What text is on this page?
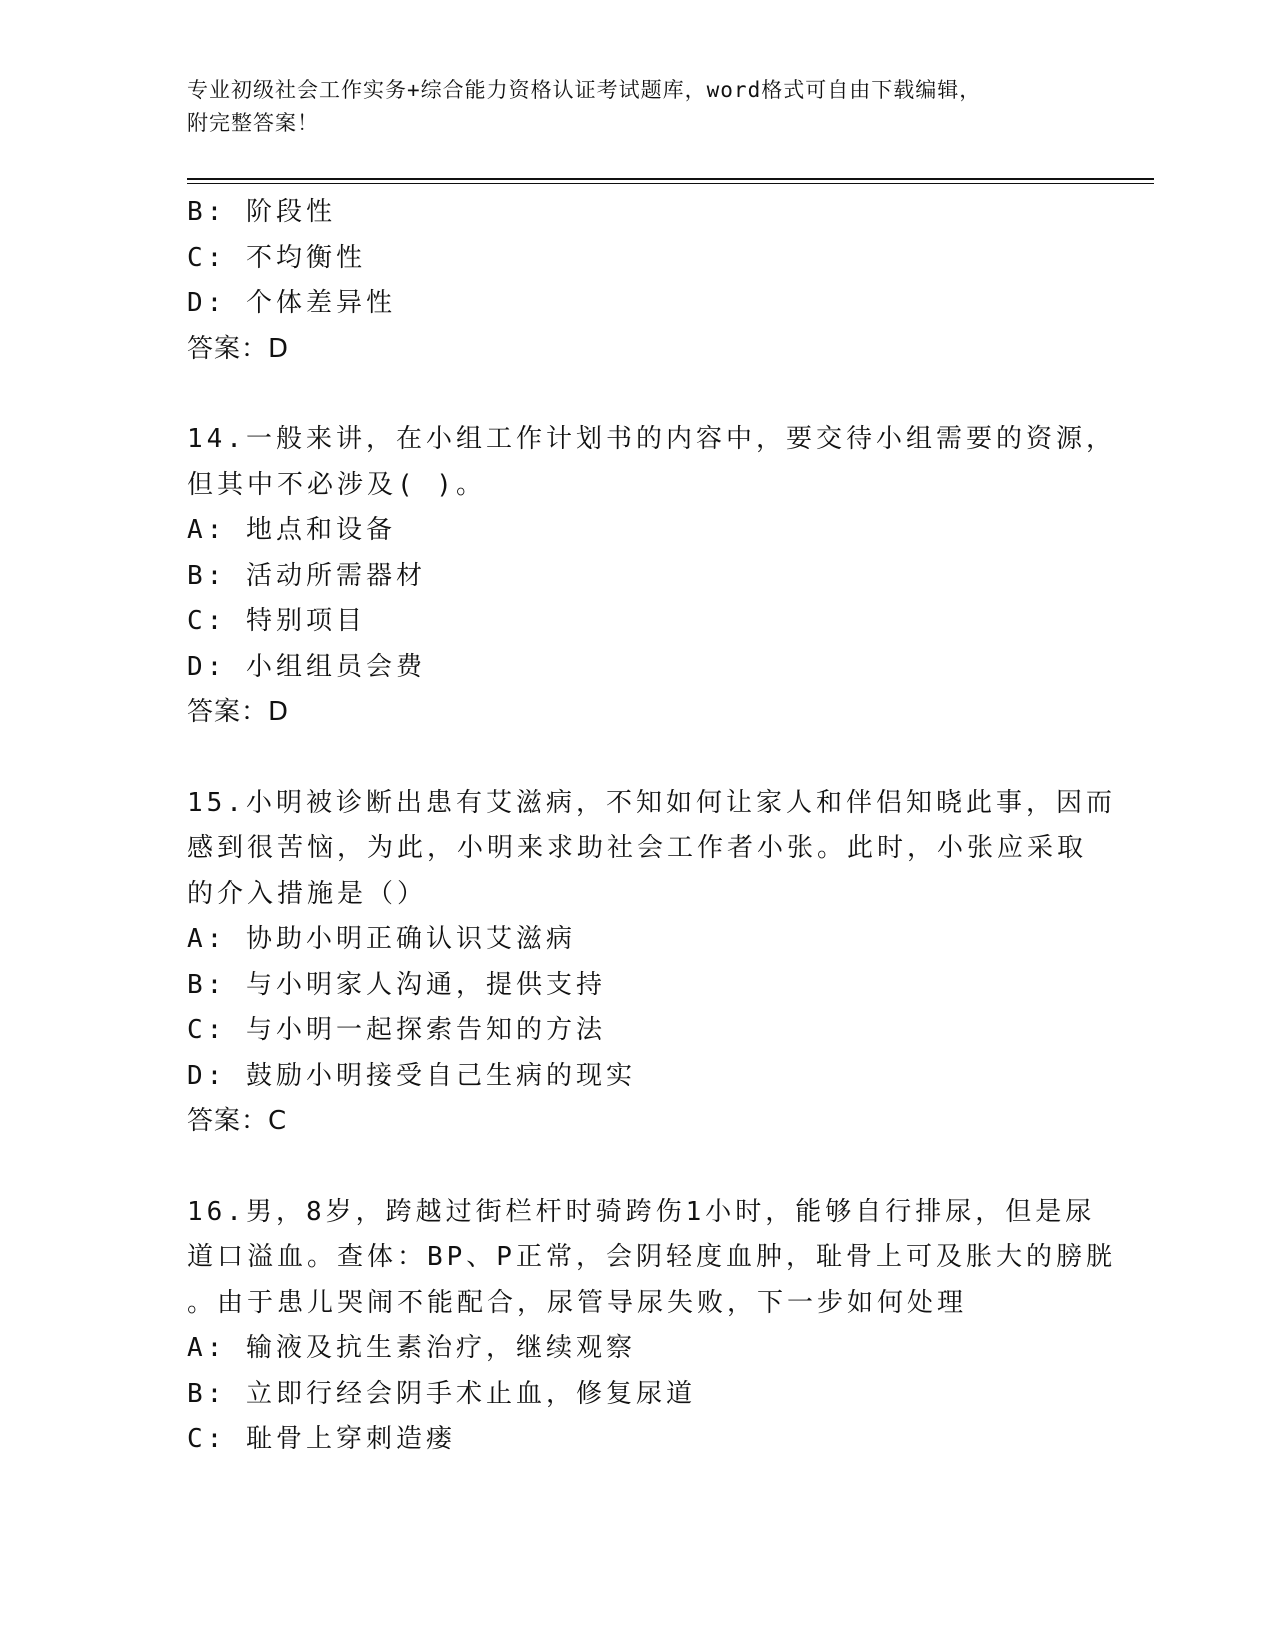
专业初级社会工作实务+综合能力资格认证考试题库，word格式可自由下载编辑，
附完整答案！
B: 阶段性
C: 不均衡性
D: 个体差异性
答案：D
14.一般来讲，在小组工作计划书的内容中，要交待小组需要的资源，
但其中不必涉及( )。
A: 地点和设备
B: 活动所需器材
C: 特别项目
D: 小组组员会费
答案：D
15.小明被诊断出患有艾滋病，不知如何让家人和伴侣知晓此事，因而
感到很苦恼，为此，小明来求助社会工作者小张。此时，小张应采取
的介入措施是（）
A: 协助小明正确认识艾滋病
B: 与小明家人沟通，提供支持
C: 与小明一起探索告知的方法
D: 鼓励小明接受自己生病的现实
答案：C
16.男，8岁，跨越过街栏杆时骑跨伤1小时，能够自行排尿，但是尿
道口溢血。查体：BP、P正常，会阴轻度血肿，耻骨上可及胀大的膀胱
。由于患儿哭闹不能配合，尿管导尿失败，下一步如何处理
A: 输液及抗生素治疗，继续观察
B: 立即行经会阴手术止血，修复尿道
C: 耻骨上穿刺造瘘
